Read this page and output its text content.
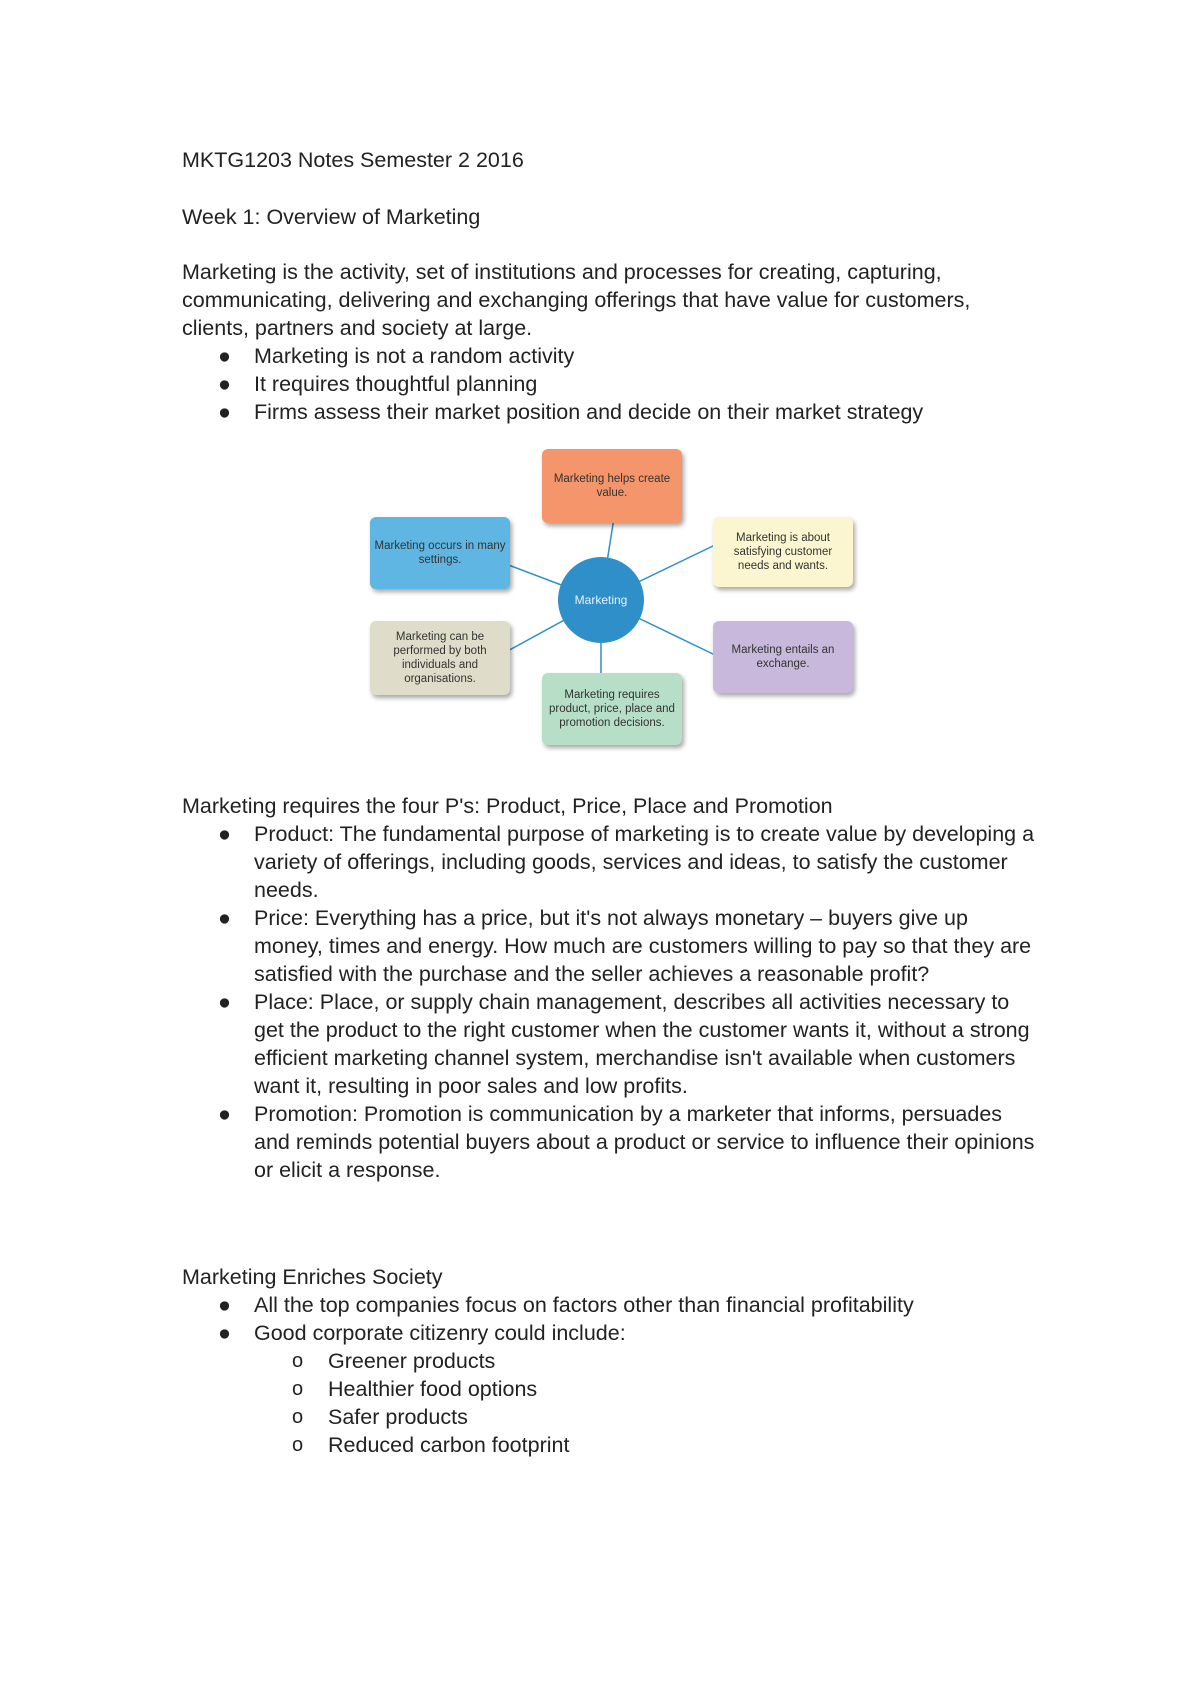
MKTG1203 Notes Semester 2 2016
Week 1: Overview of Marketing
Marketing is the activity, set of institutions and processes for creating, capturing, communicating, delivering and exchanging offerings that have value for customers, clients, partners and society at large.
● Marketing is not a random activity
● It requires thoughtful planning
● Firms assess their market position and decide on their market strategy
Marketing
Marketing helps create value.
Marketing is about satisfying customer needs and wants.
Marketing entails an exchange.
Marketing requires product, price, place and promotion decisions.
Marketing can be performed by both individuals and organisations.
Marketing occurs in many settings.
Marketing requires the four P's: Product, Price, Place and Promotion
● Product: The fundamental purpose of marketing is to create value by developing a variety of offerings, including goods, services and ideas, to satisfy the customer needs.
● Price: Everything has a price, but it's not always monetary – buyers give up money, times and energy. How much are customers willing to pay so that they are satisfied with the purchase and the seller achieves a reasonable profit?
● Place: Place, or supply chain management, describes all activities necessary to get the product to the right customer when the customer wants it, without a strong efficient marketing channel system, merchandise isn't available when customers want it, resulting in poor sales and low profits.
● Promotion: Promotion is communication by a marketer that informs, persuades and reminds potential buyers about a product or service to influence their opinions or elicit a response.
Marketing Enriches Society
● All the top companies focus on factors other than financial profitability
● Good corporate citizenry could include:
o Greener products
o Healthier food options
o Safer products
o Reduced carbon footprint
